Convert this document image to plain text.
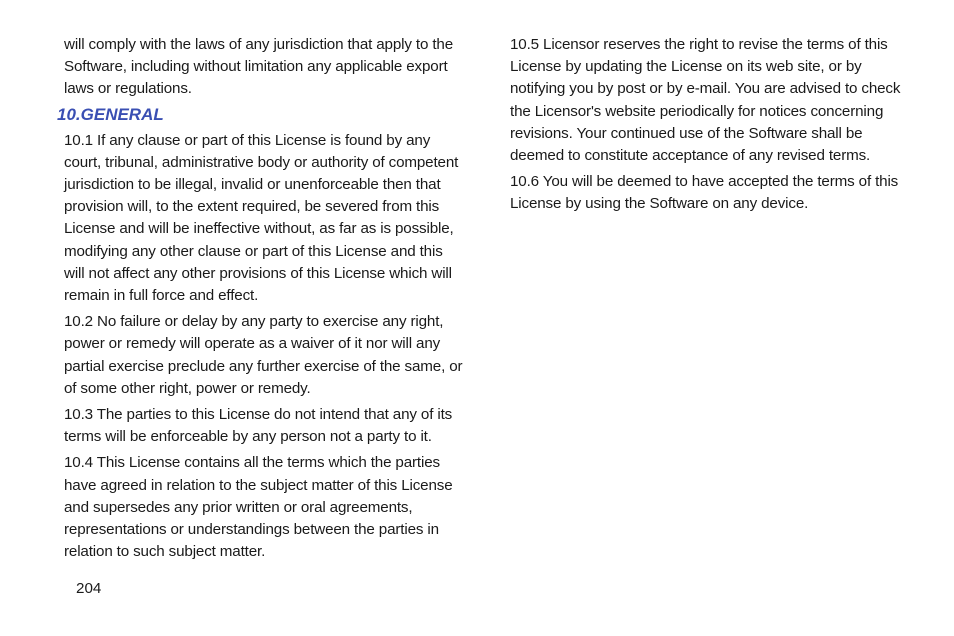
will comply with the laws of any jurisdiction that apply to the
Software, including without limitation any applicable export
laws or regulations.

10.GENERAL

10.1 If any clause or part of this License is found by any
court, tribunal, administrative body or authority of competent
jurisdiction to be illegal, invalid or unenforceable then that
provision will, to the extent required, be severed from this
License and will be ineffective without, as far as is possible,
modifying any other clause or part of this License and this
will not affect any other provisions of this License which will
remain in full force and effect.

10.2 No failure or delay by any party to exercise any right,
power or remedy will operate as a waiver of it nor will any
partial exercise preclude any further exercise of the same, or
of some other right, power or remedy.

10.3 The parties to this License do not intend that any of its
terms will be enforceable by any person not a party to it.

10.4 This License contains all the terms which the parties
have agreed in relation to the subject matter of this License
and supersedes any prior written or oral agreements,
representations or understandings between the parties in
relation to such subject matter.

10.5 Licensor reserves the right to revise the terms of this
License by updating the License on its web site, or by
notifying you by post or by e-mail. You are advised to check
the Licensor's website periodically for notices concerning
revisions. Your continued use of the Software shall be
deemed to constitute acceptance of any revised terms.

10.6 You will be deemed to have accepted the terms of this
License by using the Software on any device.

204
